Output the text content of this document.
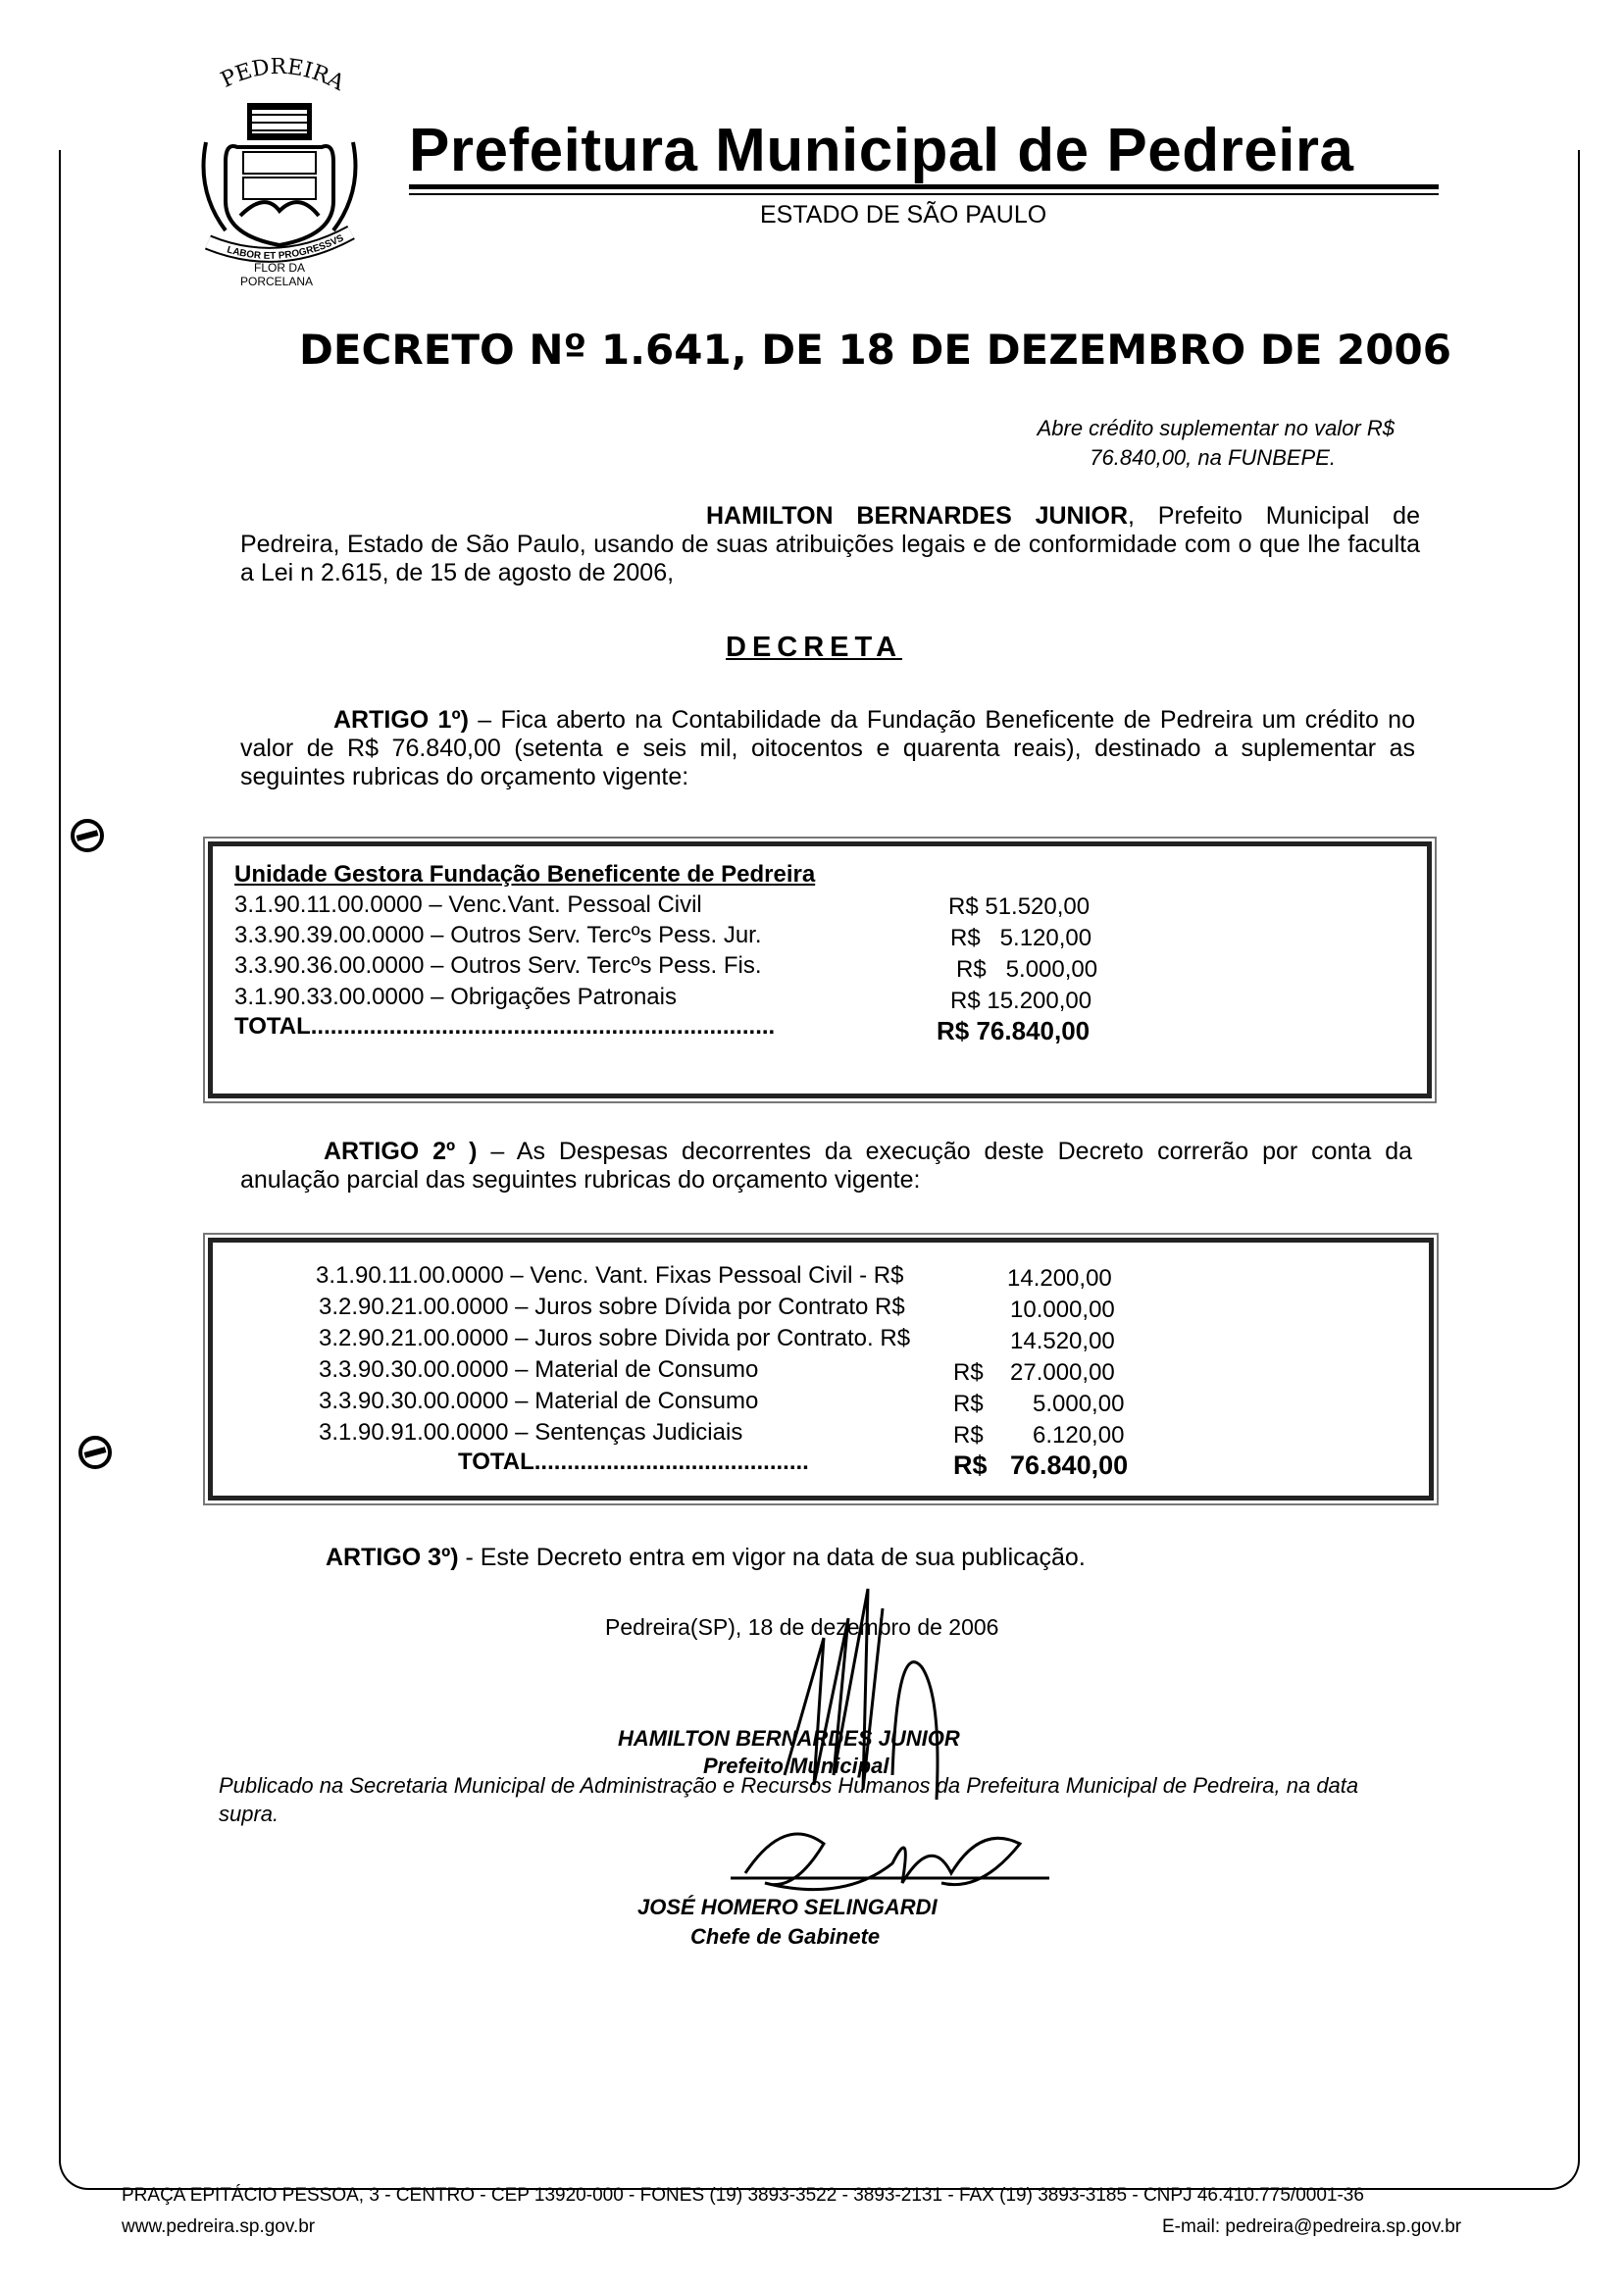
PEDREIRA
LABOR ET PROGRESSVS
FLOR DA
PORCELANA
Prefeitura Municipal de Pedreira
ESTADO DE SÃO PAULO
DECRETO Nº 1.641, DE 18 DE DEZEMBRO DE 2006
Abre crédito suplementar no valor R$
76.840,00, na FUNBEPE.
HAMILTON BERNARDES JUNIOR, Prefeito Municipal de Pedreira, Estado de São Paulo, usando de suas atribuições legais e de conformidade com o que lhe faculta a Lei n 2.615, de 15 de agosto de 2006,
DECRETA
ARTIGO 1º) – Fica aberto na Contabilidade da Fundação Beneficente de Pedreira um crédito no valor de R$ 76.840,00 (setenta e seis mil, oitocentos e quarenta reais), destinado a suplementar as seguintes rubricas do orçamento vigente:
Unidade Gestora Fundação Beneficente de Pedreira
3.1.90.11.00.0000 – Venc.Vant. Pessoal Civil	R$ 51.520,00
3.3.90.39.00.0000 – Outros Serv. Tercºs Pess. Jur.	R$   5.120,00
3.3.90.36.00.0000 – Outros Serv. Tercºs Pess. Fis.	R$   5.000,00
3.1.90.33.00.0000 – Obrigações Patronais	R$ 15.200,00
TOTAL.......................................................................	R$ 76.840,00
ARTIGO 2º ) – As Despesas decorrentes da execução deste Decreto correrão por conta da anulação parcial das seguintes rubricas do orçamento vigente:
3.1.90.11.00.0000 – Venc. Vant. Fixas Pessoal Civil - R$	14.200,00
3.2.90.21.00.0000 – Juros sobre Dívida por Contrato R$	10.000,00
3.2.90.21.00.0000 – Juros sobre Divida por Contrato. R$	14.520,00
3.3.90.30.00.0000 – Material de Consumo	R$ 27.000,00
3.3.90.30.00.0000 – Material de Consumo	R$ 5.000,00
3.1.90.91.00.0000 – Sentenças Judiciais	R$ 6.120,00
TOTAL..........................................	R$ 76.840,00
ARTIGO 3º) - Este Decreto entra em vigor na data de sua publicação.
Pedreira(SP), 18 de dezembro de 2006
HAMILTON BERNARDES JUNIOR
Prefeito Municipal
Publicado na Secretaria Municipal de Administração e Recursos Humanos da Prefeitura Municipal de Pedreira, na data supra.
JOSÉ HOMERO SELINGARDI
Chefe de Gabinete
PRAÇA EPITÁCIO PESSOA, 3 - CENTRO - CEP 13920-000 - FONES (19) 3893-3522 - 3893-2131 - FAX (19) 3893-3185 - CNPJ 46.410.775/0001-36
www.pedreira.sp.gov.br	E-mail: pedreira@pedreira.sp.gov.br
